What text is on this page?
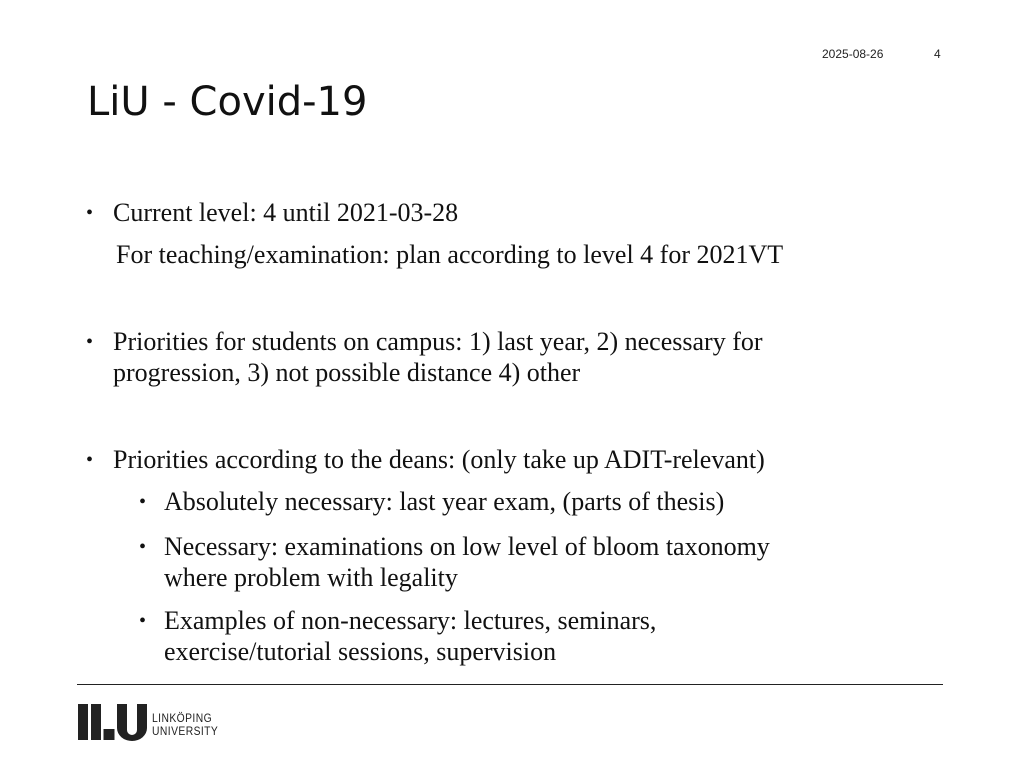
2025-08-26	4
LiU - Covid-19
• Current level: 4 until 2021-03-28
For teaching/examination: plan according to level 4 for 2021VT
• Priorities for students on campus: 1) last year, 2) necessary for
progression, 3) not possible distance 4) other
• Priorities according to the deans: (only take up ADIT-relevant)
• Absolutely necessary: last year exam, (parts of thesis)
• Necessary: examinations on low level of bloom taxonomy
where problem with legality
• Examples of non-necessary: lectures, seminars,
exercise/tutorial sessions, supervision
LINKÖPING
UNIVERSITY
